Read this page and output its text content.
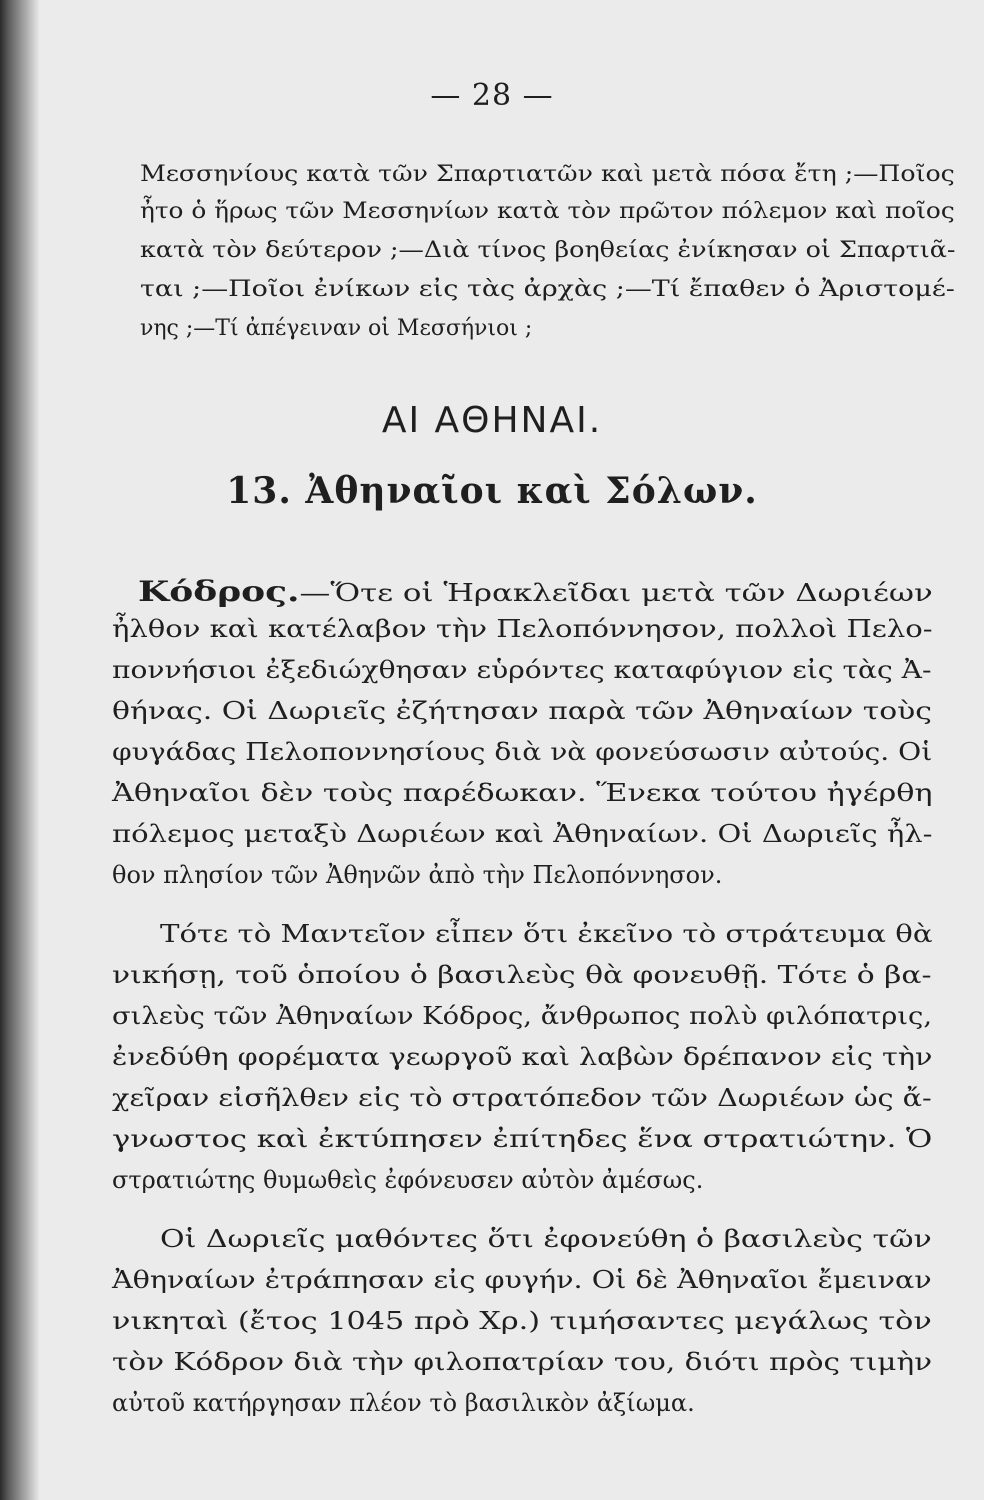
— 28 —
Μεσσηνίους κατὰ τῶν Σπαρτιατῶν καὶ μετὰ πόσα ἔτη ;—Ποῖος
ἦτο ὁ ἥρως τῶν Μεσσηνίων κατὰ τὸν πρῶτον πόλεμον καὶ ποῖος
κατὰ τὸν δεύτερον ;—Διὰ τίνος βοηθείας ἐνίκησαν οἱ Σπαρτιᾶ-
ται ;—Ποῖοι ἐνίκων εἰς τὰς ἀρχὰς ;—Τί ἔπαθεν ὁ Ἀριστομέ-
νης ;—Τί ἀπέγειναν οἱ Μεσσήνιοι ;
ΑΙ ΑΘΗΝΑΙ.
13. Ἀθηναῖοι καὶ Σόλων.
Κόδρος.—Ὅτε οἱ Ἡρακλεῖδαι μετὰ τῶν Δωριέων
ἦλθον καὶ κατέλαβον τὴν Πελοπόννησον, πολλοὶ Πελο-
ποννήσιοι ἐξεδιώχθησαν εὑρόντες καταφύγιον εἰς τὰς Ἀ-
θήνας. Οἱ Δωριεῖς ἐζήτησαν παρὰ τῶν Ἀθηναίων τοὺς
φυγάδας Πελοποννησίους διὰ νὰ φονεύσωσιν αὐτούς. Οἱ
Ἀθηναῖοι δὲν τοὺς παρέδωκαν. Ἕνεκα τούτου ἠγέρθη
πόλεμος μεταξὺ Δωριέων καὶ Ἀθηναίων. Οἱ Δωριεῖς ἦλ-
θον πλησίον τῶν Ἀθηνῶν ἀπὸ τὴν Πελοπόννησον.
Τότε τὸ Μαντεῖον εἶπεν ὅτι ἐκεῖνο τὸ στράτευμα θὰ
νικήσῃ, τοῦ ὁποίου ὁ βασιλεὺς θὰ φονευθῇ. Τότε ὁ βα-
σιλεὺς τῶν Ἀθηναίων Κόδρος, ἄνθρωπος πολὺ φιλόπατρις,
ἐνεδύθη φορέματα γεωργοῦ καὶ λαβὼν δρέπανον εἰς τὴν
χεῖραν εἰσῆλθεν εἰς τὸ στρατόπεδον τῶν Δωριέων ὡς ἄ-
γνωστος καὶ ἐκτύπησεν ἐπίτηδες ἕνα στρατιώτην. Ὁ
στρατιώτης θυμωθεὶς ἐφόνευσεν αὐτὸν ἀμέσως.
Οἱ Δωριεῖς μαθόντες ὅτι ἐφονεύθη ὁ βασιλεὺς τῶν
Ἀθηναίων ἐτράπησαν εἰς φυγήν. Οἱ δὲ Ἀθηναῖοι ἔμειναν
νικηταὶ (ἔτος 1045 πρὸ Χρ.) τιμήσαντες μεγάλως τὸν
τὸν Κόδρον διὰ τὴν φιλοπατρίαν του, διότι πρὸς τιμὴν
αὐτοῦ κατήργησαν πλέον τὸ βασιλικὸν ἀξίωμα.
